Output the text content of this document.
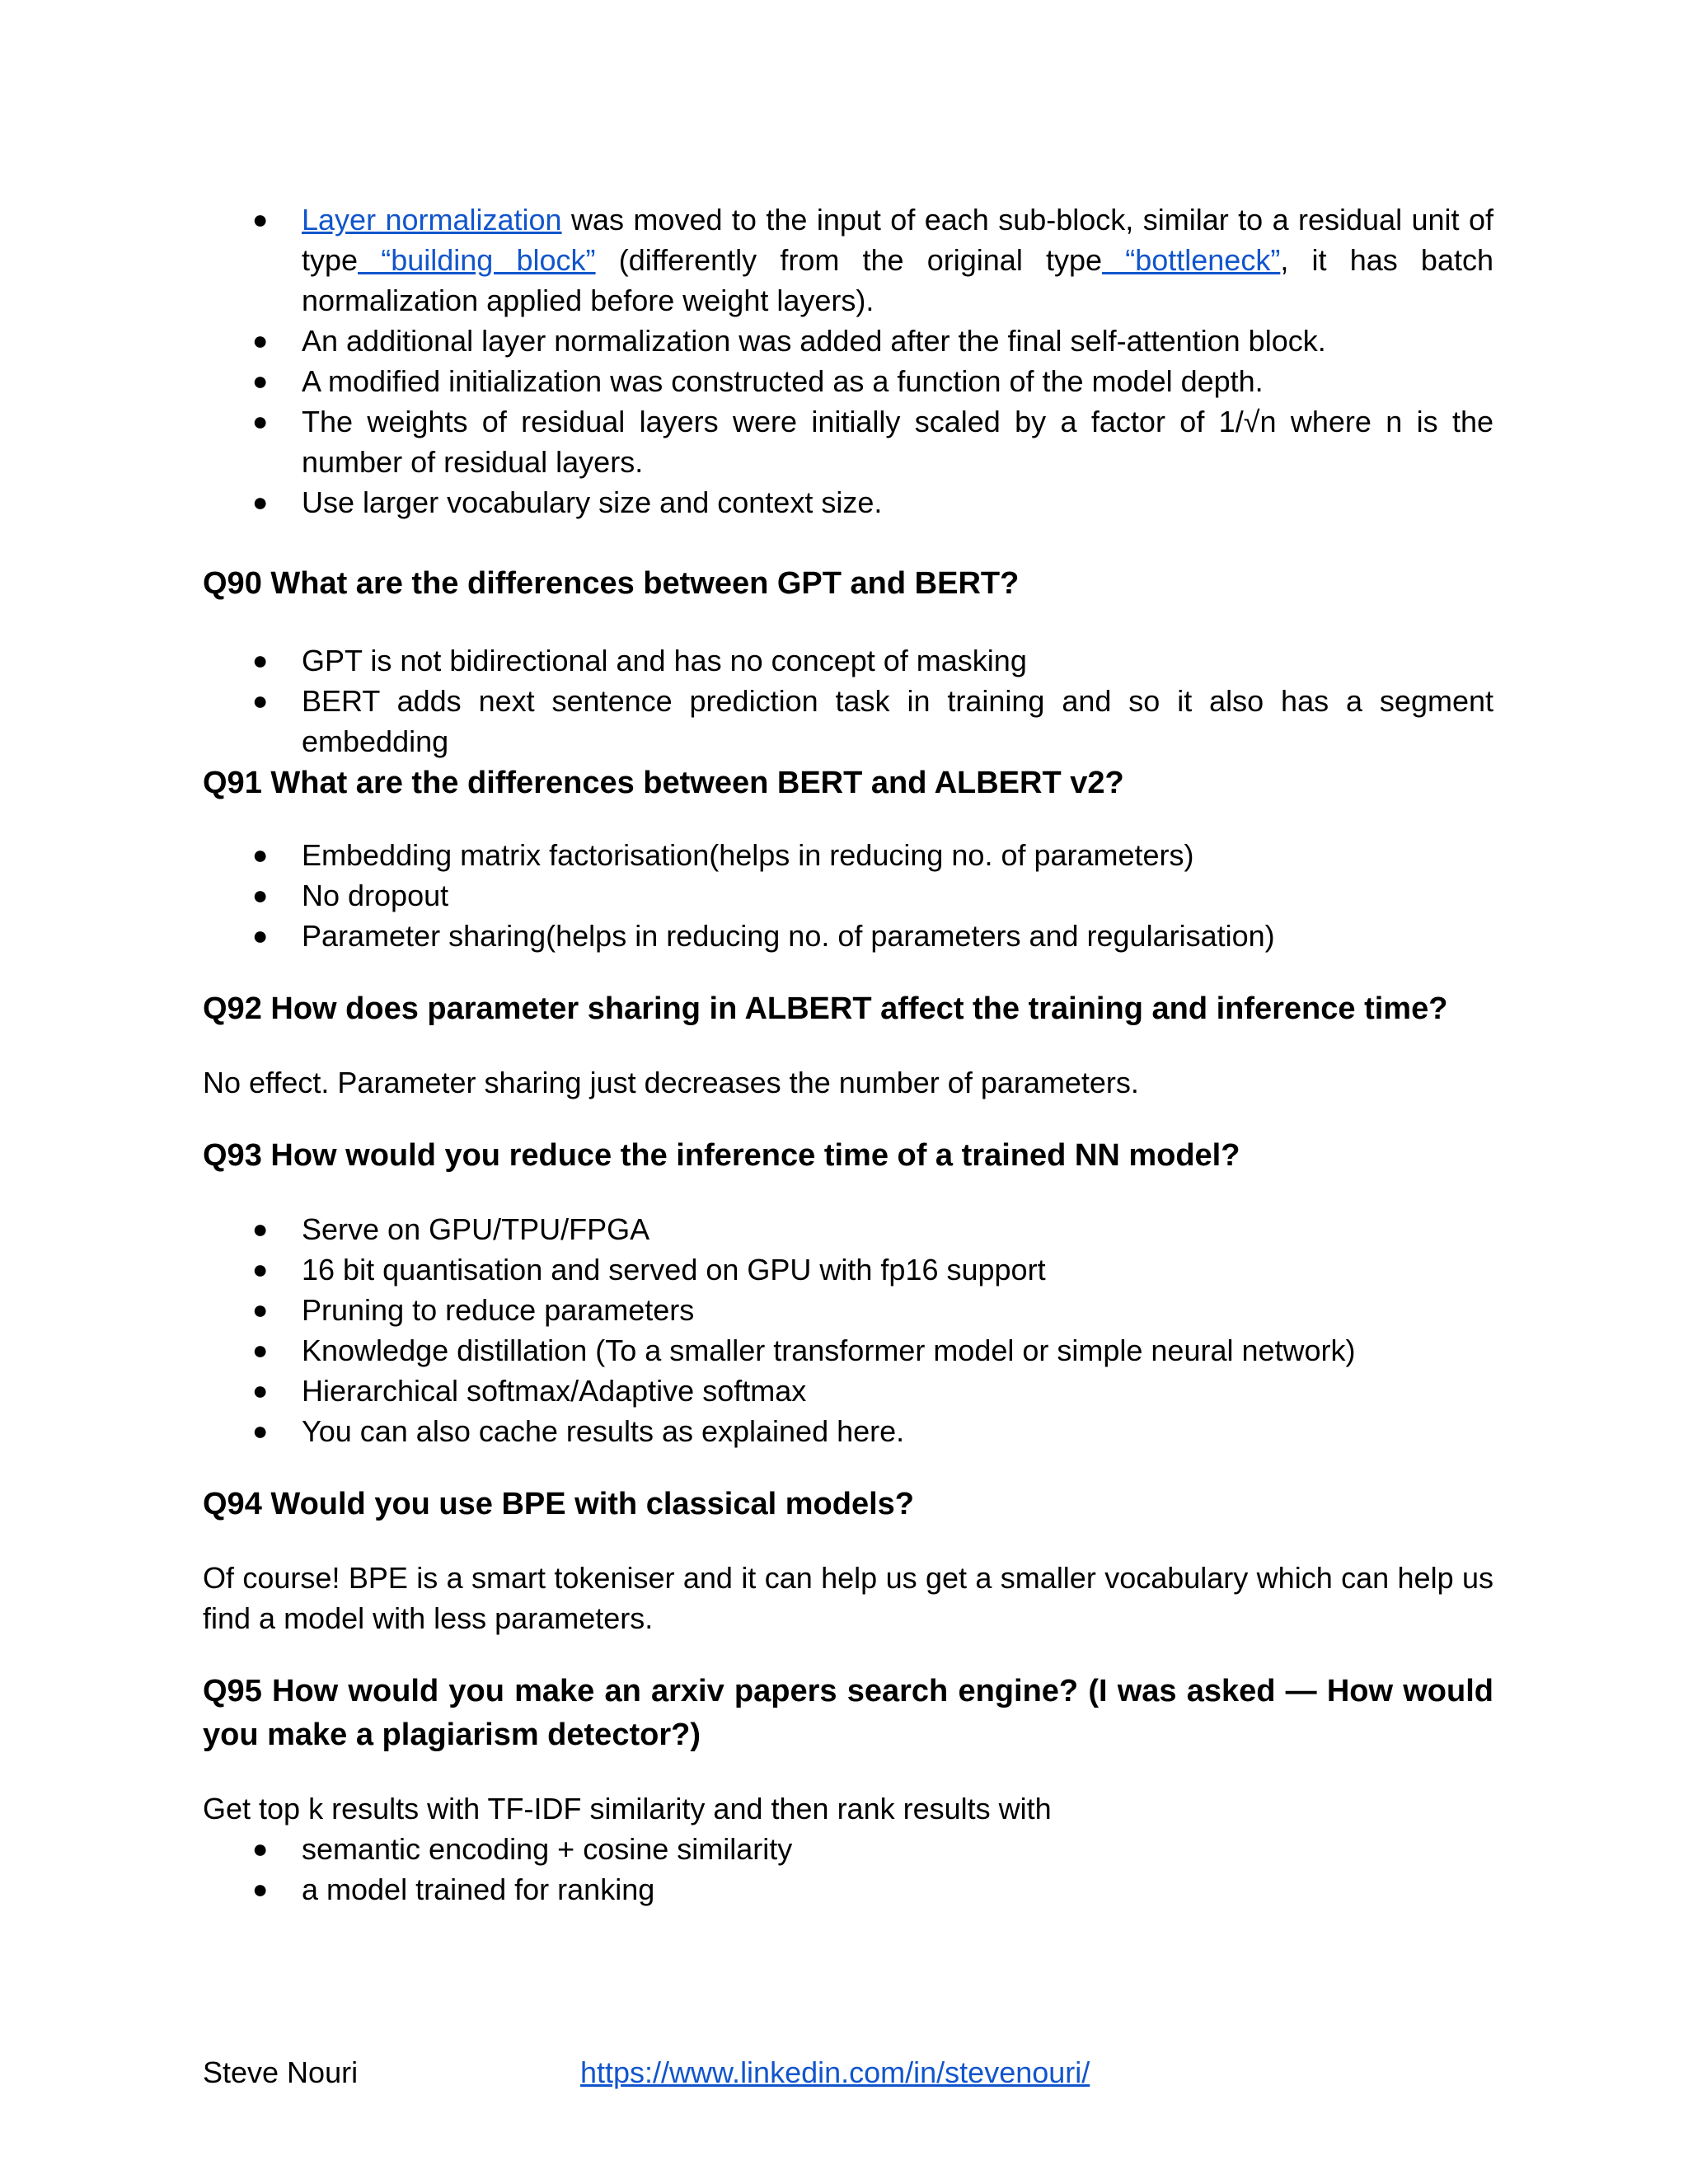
● Layer normalization was moved to the input of each sub-block, similar to a residual unit of type “building block” (differently from the original type “bottleneck”, it has batch normalization applied before weight layers).
● An additional layer normalization was added after the final self-attention block.
● A modified initialization was constructed as a function of the model depth.
● The weights of residual layers were initially scaled by a factor of 1/√n where n is the number of residual layers.
● Use larger vocabulary size and context size.
Q90 What are the differences between GPT and BERT?
● GPT is not bidirectional and has no concept of masking
● BERT adds next sentence prediction task in training and so it also has a segment embedding
Q91 What are the differences between BERT and ALBERT v2?
● Embedding matrix factorisation(helps in reducing no. of parameters)
● No dropout
● Parameter sharing(helps in reducing no. of parameters and regularisation)
Q92 How does parameter sharing in ALBERT affect the training and inference time?

No effect. Parameter sharing just decreases the number of parameters.

Q93 How would you reduce the inference time of a trained NN model?
● Serve on GPU/TPU/FPGA
● 16 bit quantisation and served on GPU with fp16 support
● Pruning to reduce parameters
● Knowledge distillation (To a smaller transformer model or simple neural network)
● Hierarchical softmax/Adaptive softmax
● You can also cache results as explained here.
Q94 Would you use BPE with classical models?

Of course! BPE is a smart tokeniser and it can help us get a smaller vocabulary which can help us find a model with less parameters.

Q95 How would you make an arxiv papers search engine? (I was asked — How would you make a plagiarism detector?)

Get top k results with TF-IDF similarity and then rank results with

● semantic encoding + cosine similarity
● a model trained for ranking
Steve Nouri	https://www.linkedin.com/in/stevenouri/
